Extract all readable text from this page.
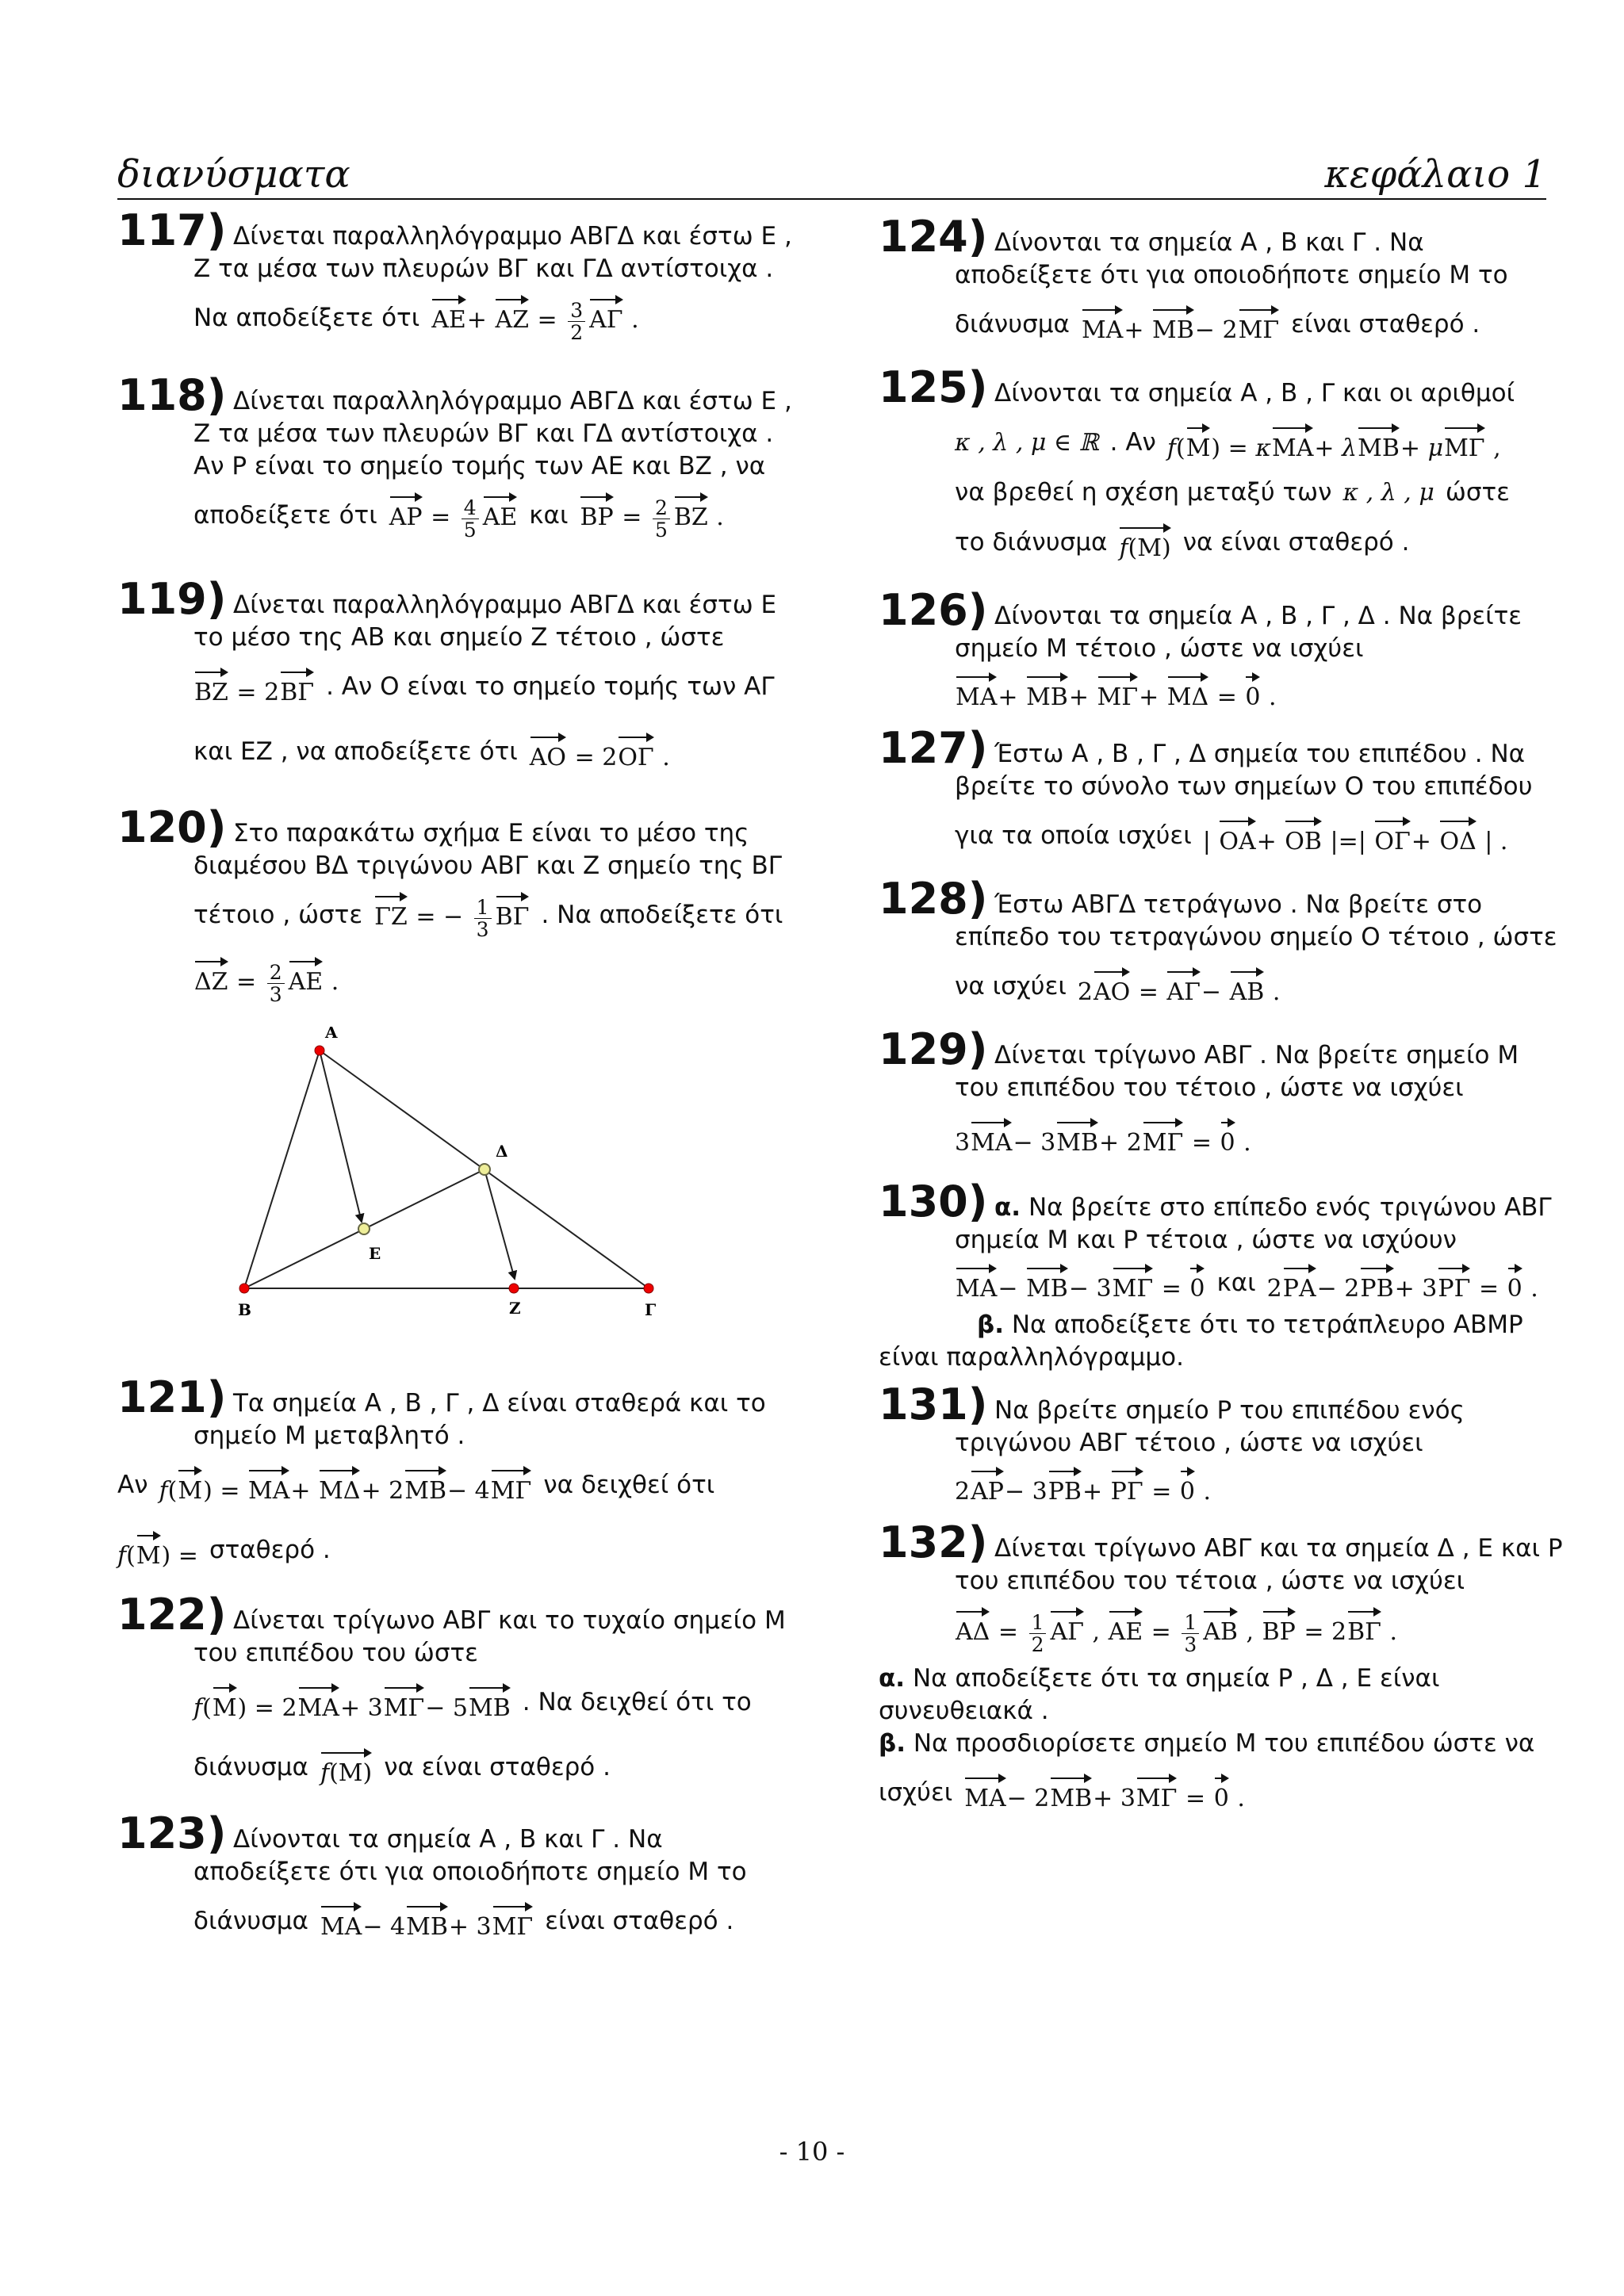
διανύσματα	κεφάλαιο 1
117) Δίνεται παραλληλόγραμμο ΑΒΓΔ και έστω Ε ,

Ζ τα μέσα των πλευρών ΒΓ και ΓΔ αντίστοιχα .

Να αποδείξετε ότι $AE+ AZ = \frac{3}{2}$ ΑΓ .
118) Δίνεται παραλληλόγραμμο ΑΒΓΔ και έστω Ε ,

Ζ τα μέσα των πλευρών ΒΓ και ΓΔ αντίστοιχα .

Αν Ρ είναι το σημείο τομής των ΑΕ και ΒΖ , να

αποδείξετε ότι $AP = \frac{4}{5}$ ΑΕ και $BP = \frac{2}{5}$ ΒΖ .
119) Δίνεται παραλληλόγραμμο ΑΒΓΔ και έστω Ε

το μέσο της ΑΒ και σημείο Ζ τέτοιο , ώστε

ΒΖ = 2ΒΓ . Αν Ο είναι το σημείο τομής των ΑΓ
και ΕΖ , να αποδείξετε ότι ΑΟ = 2ΟΓ .
120) Στο παρακάτω σχήμα Ε είναι το μέσο της

διαμέσου ΒΔ τριγώνου ΑΒΓ και Ζ σημείο της ΒΓ

τέτοιο , ώστε ΓΖ = − $\frac{1}{3}$ ΒΓ . Να αποδείξετε ότι
$\Delta Z = \frac{2}{3}$ ΑΕ .
A
B	Γ
Δ
E
Z
121) Τα σημεία Α , Β , Γ , Δ είναι σταθερά και το

σημείο Μ μεταβλητό .

Αν f(Μ) = ΜΑ+ ΜΔ+ 2ΜΒ− 4ΜΓ να δειχθεί ότι
f(Μ) = σταθερό .
122) Δίνεται τρίγωνο ΑΒΓ και το τυχαίο σημείο Μ

του επιπέδου του ώστε

f(Μ) = 2ΜΑ+ 3ΜΓ− 5ΜΒ . Να δειχθεί ότι το
διάνυσμα f(Μ) να είναι σταθερό .
123) Δίνονται τα σημεία Α , Β και Γ . Να

αποδείξετε ότι για οποιοδήποτε σημείο Μ το

διάνυσμα ΜΑ− 4ΜΒ+ 3ΜΓ είναι σταθερό .
124) Δίνονται τα σημεία Α , Β και Γ . Να

αποδείξετε ότι για οποιοδήποτε σημείο Μ το

διάνυσμα ΜΑ+ ΜΒ− 2ΜΓ είναι σταθερό .
125) Δίνονται τα σημεία Α , Β , Γ και οι αριθμοί

κ , λ , μ ∈ ℝ . Αν f(Μ) = κΜΑ+ λΜΒ+ μΜΓ ,
να βρεθεί η σχέση μεταξύ των κ , λ , μ ώστε
το διάνυσμα f(Μ) να είναι σταθερό .
126) Δίνονται τα σημεία Α , Β , Γ , Δ . Να βρείτε

σημείο Μ τέτοιο , ώστε να ισχύει

ΜΑ+ ΜΒ+ ΜΓ+ ΜΔ = 0 .
127) Έστω Α , Β , Γ , Δ σημεία του επιπέδου . Να

βρείτε το σύνολο των σημείων Ο του επιπέδου

για τα οποία ισχύει | ΟΑ+ ΟΒ |=| ΟΓ+ ΟΔ | .
128) Έστω ΑΒΓΔ τετράγωνο . Να βρείτε στο

επίπεδο του τετραγώνου σημείο Ο τέτοιο , ώστε

να ισχύει 2ΑΟ = ΑΓ− ΑΒ .
129) Δίνεται τρίγωνο ΑΒΓ . Να βρείτε σημείο Μ

του επιπέδου του τέτοιο , ώστε να ισχύει

3ΜΑ− 3ΜΒ+ 2ΜΓ = 0 .
130) α. Να βρείτε στο επίπεδο ενός τριγώνου ΑΒΓ

σημεία Μ και Ρ τέτοια , ώστε να ισχύουν

ΜΑ− ΜΒ− 3ΜΓ = 0 και 2ΡΑ− 2ΡΒ+ 3ΡΓ = 0 .

β. Να αποδείξετε ότι το τετράπλευρο ΑΒΜΡ

είναι παραλληλόγραμμο.

131) Να βρείτε σημείο Ρ του επιπέδου ενός

τριγώνου ΑΒΓ τέτοιο , ώστε να ισχύει

2ΑΡ− 3ΡΒ+ ΡΓ = 0 .
132) Δίνεται τρίγωνο ΑΒΓ και τα σημεία Δ , Ε και Ρ

του επιπέδου του τέτοια , ώστε να ισχύει

$A\Delta = \frac{1}{2}$ ΑΓ , $AE = \frac{1}{3}$ ΑΒ , ΒΡ = 2ΒΓ .

α. Να αποδείξετε ότι τα σημεία Ρ , Δ , Ε είναι

συνευθειακά .

β. Να προσδιορίσετε σημείο Μ του επιπέδου ώστε να

ισχύει ΜΑ− 2ΜΒ+ 3ΜΓ = 0 .
- 10 -
